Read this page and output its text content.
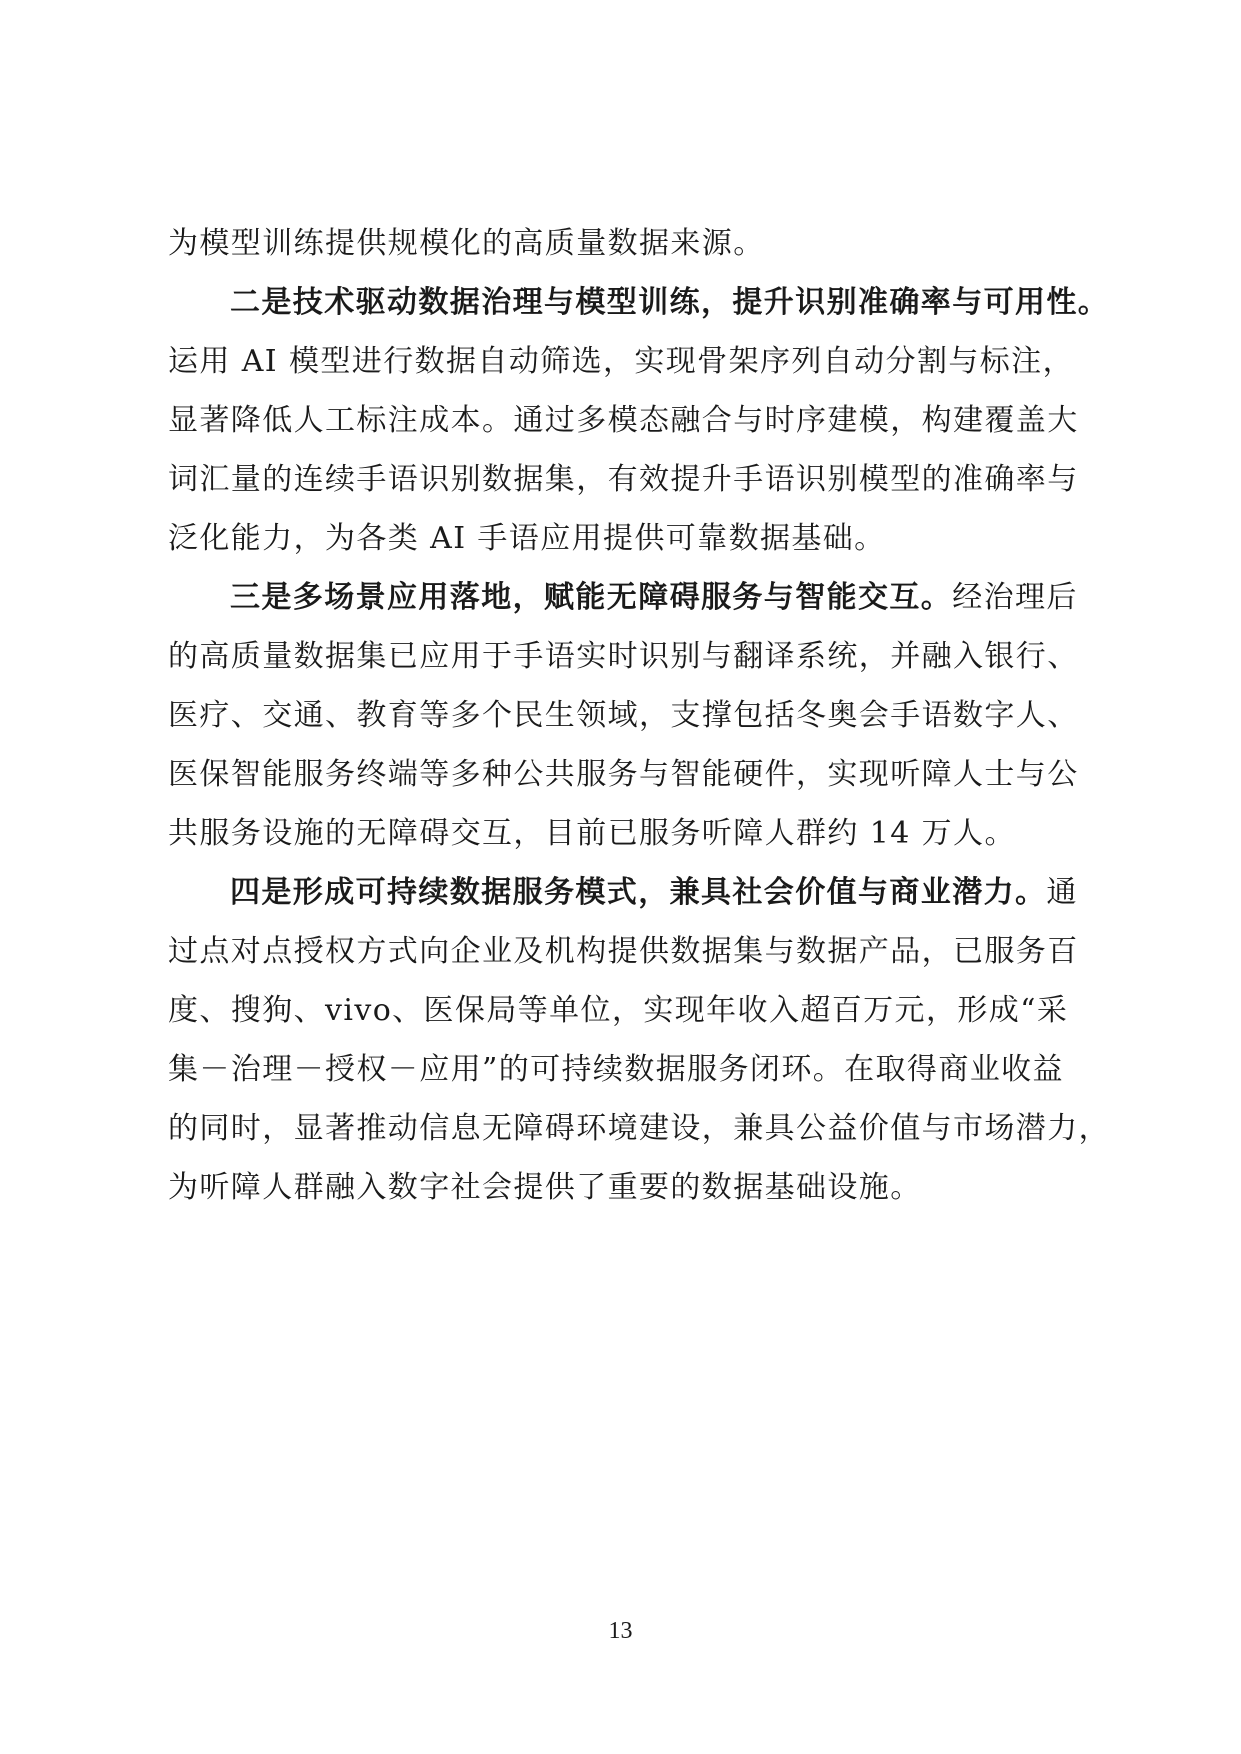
为模型训练提供规模化的高质量数据来源。
二是技术驱动数据治理与模型训练，提升识别准确率与可用性。
运用 AI 模型进行数据自动筛选，实现骨架序列自动分割与标注，
显著降低人工标注成本。通过多模态融合与时序建模，构建覆盖大
词汇量的连续手语识别数据集，有效提升手语识别模型的准确率与
泛化能力，为各类 AI 手语应用提供可靠数据基础。
三是多场景应用落地，赋能无障碍服务与智能交互。经治理后
的高质量数据集已应用于手语实时识别与翻译系统，并融入银行、
医疗、交通、教育等多个民生领域，支撑包括冬奥会手语数字人、
医保智能服务终端等多种公共服务与智能硬件，实现听障人士与公
共服务设施的无障碍交互，目前已服务听障人群约 14 万人。
四是形成可持续数据服务模式，兼具社会价值与商业潜力。通
过点对点授权方式向企业及机构提供数据集与数据产品，已服务百
度、搜狗、vivo、医保局等单位，实现年收入超百万元，形成“采
集－治理－授权－应用”的可持续数据服务闭环。在取得商业收益
的同时，显著推动信息无障碍环境建设，兼具公益价值与市场潜力，
为听障人群融入数字社会提供了重要的数据基础设施。
13
